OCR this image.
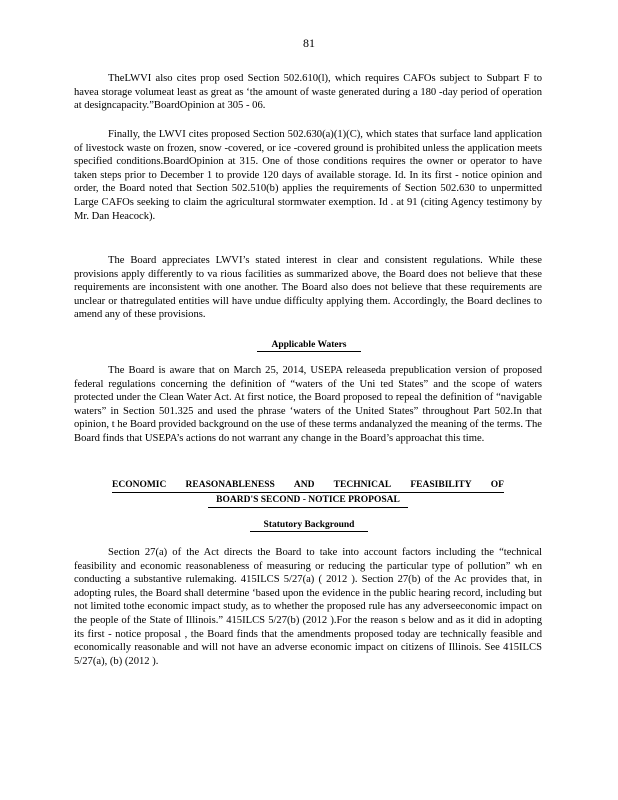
81

TheLWVI also cites prop osed Section 502.610(l), which requires CAFOs subject to Subpart F to havea storage volumeat least as great as ‘the amount of waste generated during a 180 -day period of operation at designcapacity.”BoardOpinion at 305 - 06.

Finally, the LWVI cites proposed Section 502.630(a)(1)(C), which states that surface land application of livestock waste on frozen, snow -covered, or ice -covered ground is prohibited unless the application meets specified conditions.BoardOpinion at 315. One of those conditions requires the owner or operator to have taken steps prior to December 1 to provide 120 days of available storage. Id. In its first - notice opinion and order, the Board noted that Section 502.510(b) applies the requirements of Section 502.630 to unpermitted Large CAFOs seeking to claim the agricultural stormwater exemption. Id . at 91 (citing Agency testimony by Mr. Dan Heacock).

The Board appreciates LWVI’s stated interest in clear and consistent regulations. While these provisions apply differently to va rious facilities as summarized above, the Board does not believe that these requirements are inconsistent with one another. The Board also does not believe that these requirements are unclear or thatregulated entities will have undue difficulty applying them. Accordingly, the Board declines to amend any of these provisions.

Applicable Waters

The Board is aware that on March 25, 2014, USEPA releaseda prepublication version of proposed federal regulations concerning the definition of “waters of the Uni ted States” and the scope of waters protected under the Clean Water Act. At first notice, the Board proposed to repeal the definition of “navigable waters” in Section 501.325 and used the phrase ‘waters of the United States” throughout Part 502.In that opinion, t he Board provided background on the use of these terms andanalyzed the meaning of the terms. The Board finds that USEPA’s actions do not warrant any change in the Board’s approachat this time.

ECONOMIC REASONABLENESS AND TECHNICAL FEASIBILITY OF
BOARD'S SECOND - NOTICE PROPOSAL
Statutory Background

Section 27(a) of the Act directs the Board to take into account factors including the “technical feasibility and economic reasonableness of measuring or reducing the particular type of pollution” wh en conducting a substantive rulemaking. 415ILCS 5/27(a) ( 2012 ). Section 27(b) of the Ac provides that, in adopting rules, the Board shall determine ‘based upon the evidence in the public hearing record, including but not limited tothe economic impact study, as to whether the proposed rule has any adverseeconomic impact on the people of the State of Illinois.” 415ILCS 5/27(b) (2012 ).For the reason s below and as it did in adopting its first - notice proposal , the Board finds that the amendments proposed today are technically feasible and economically reasonable and will not have an adverse economic impact on citizens of Illinois. See 415ILCS 5/27(a), (b) (2012 ).
